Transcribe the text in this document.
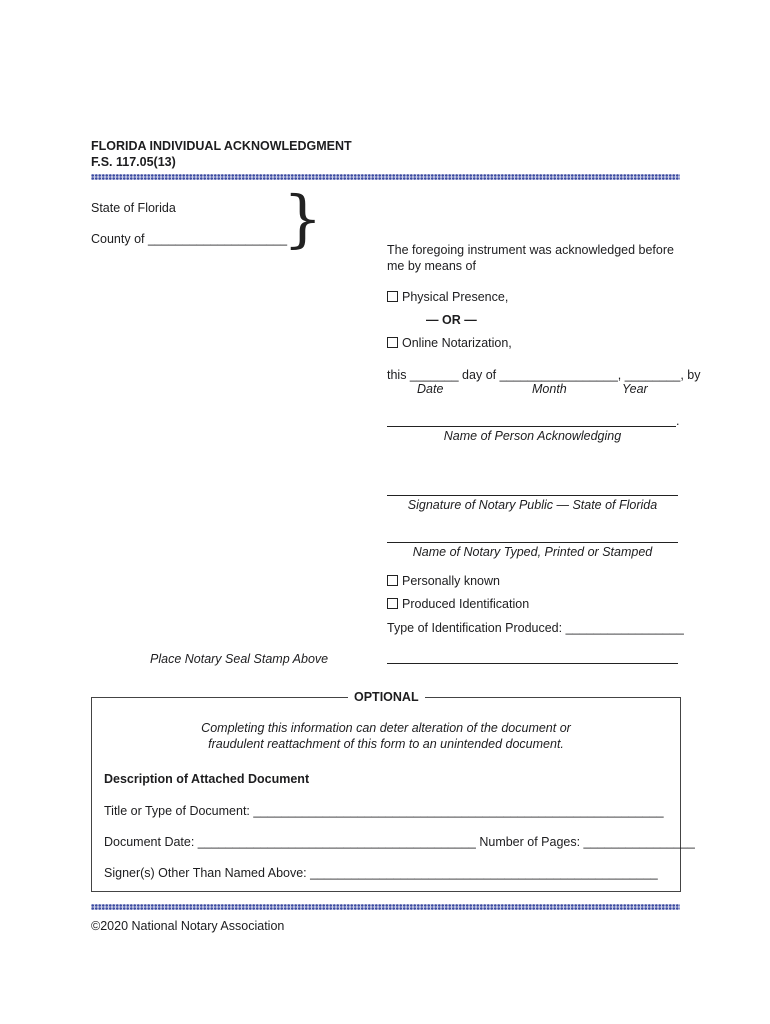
FLORIDA INDIVIDUAL ACKNOWLEDGMENT
F.S. 117.05(13)
State of Florida
County of ____________________
}	The foregoing instrument was acknowledged before
me by means of
Physical Presence,
— OR —
Online Notarization,
this _______ day of _________________, ________, by
Date	Month	Year
.
Name of Person Acknowledging
Signature of Notary Public — State of Florida
Name of Notary Typed, Printed or Stamped
Personally known
Produced Identification
Type of Identification Produced: _________________
Place Notary Seal Stamp Above
OPTIONAL
Completing this information can deter alteration of the document or
fraudulent reattachment of this form to an unintended document.
Description of Attached Document
Title or Type of Document: ___________________________________________________________
Document Date: ________________________________________ Number of Pages: ________________
Signer(s) Other Than Named Above: __________________________________________________
©2020 National Notary Association
